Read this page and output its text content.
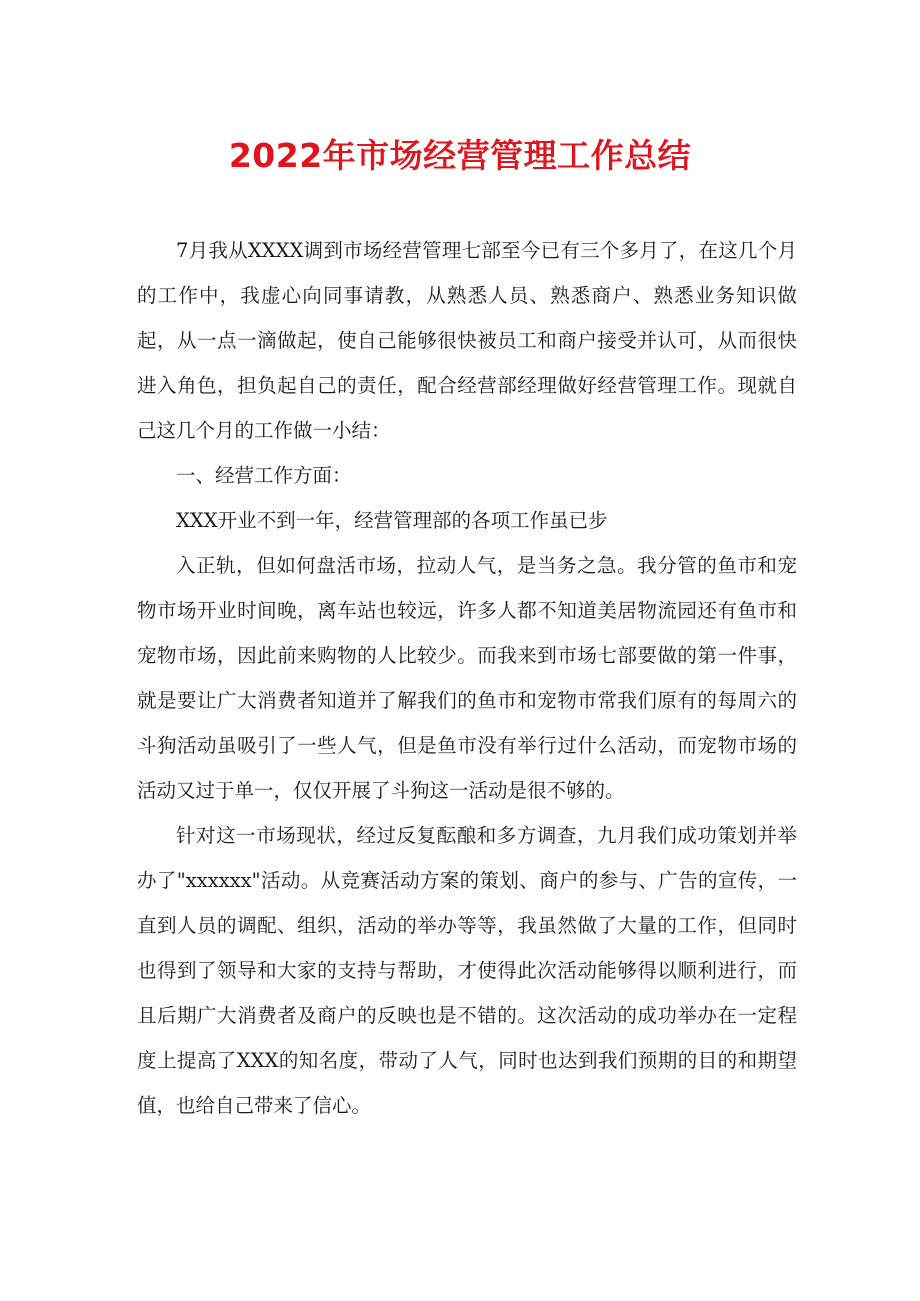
2022年市场经营管理工作总结

7月我从XXXX调到市场经营管理七部至今已有三个多月了，在这几个月的工作中，我虚心向同事请教，从熟悉人员、熟悉商户、熟悉业务知识做起，从一点一滴做起，使自己能够很快被员工和商户接受并认可，从而很快进入角色，担负起自己的责任，配合经营部经理做好经营管理工作。现就自己这几个月的工作做一小结：

一、经营工作方面：

XXX开业不到一年，经营管理部的各项工作虽已步

入正轨，但如何盘活市场，拉动人气，是当务之急。我分管的鱼市和宠物市场开业时间晚，离车站也较远，许多人都不知道美居物流园还有鱼市和宠物市场，因此前来购物的人比较少。而我来到市场七部要做的第一件事，就是要让广大消费者知道并了解我们的鱼市和宠物市常我们原有的每周六的斗狗活动虽吸引了一些人气，但是鱼市没有举行过什么活动，而宠物市场的活动又过于单一，仅仅开展了斗狗这一活动是很不够的。

针对这一市场现状，经过反复酝酿和多方调查，九月我们成功策划并举办了"xxxxxx"活动。从竞赛活动方案的策划、商户的参与、广告的宣传，一直到人员的调配、组织，活动的举办等等，我虽然做了大量的工作，但同时也得到了领导和大家的支持与帮助，才使得此次活动能够得以顺利进行，而且后期广大消费者及商户的反映也是不错的。这次活动的成功举办在一定程度上提高了XXX的知名度，带动了人气，同时也达到我们预期的目的和期望值，也给自己带来了信心。
